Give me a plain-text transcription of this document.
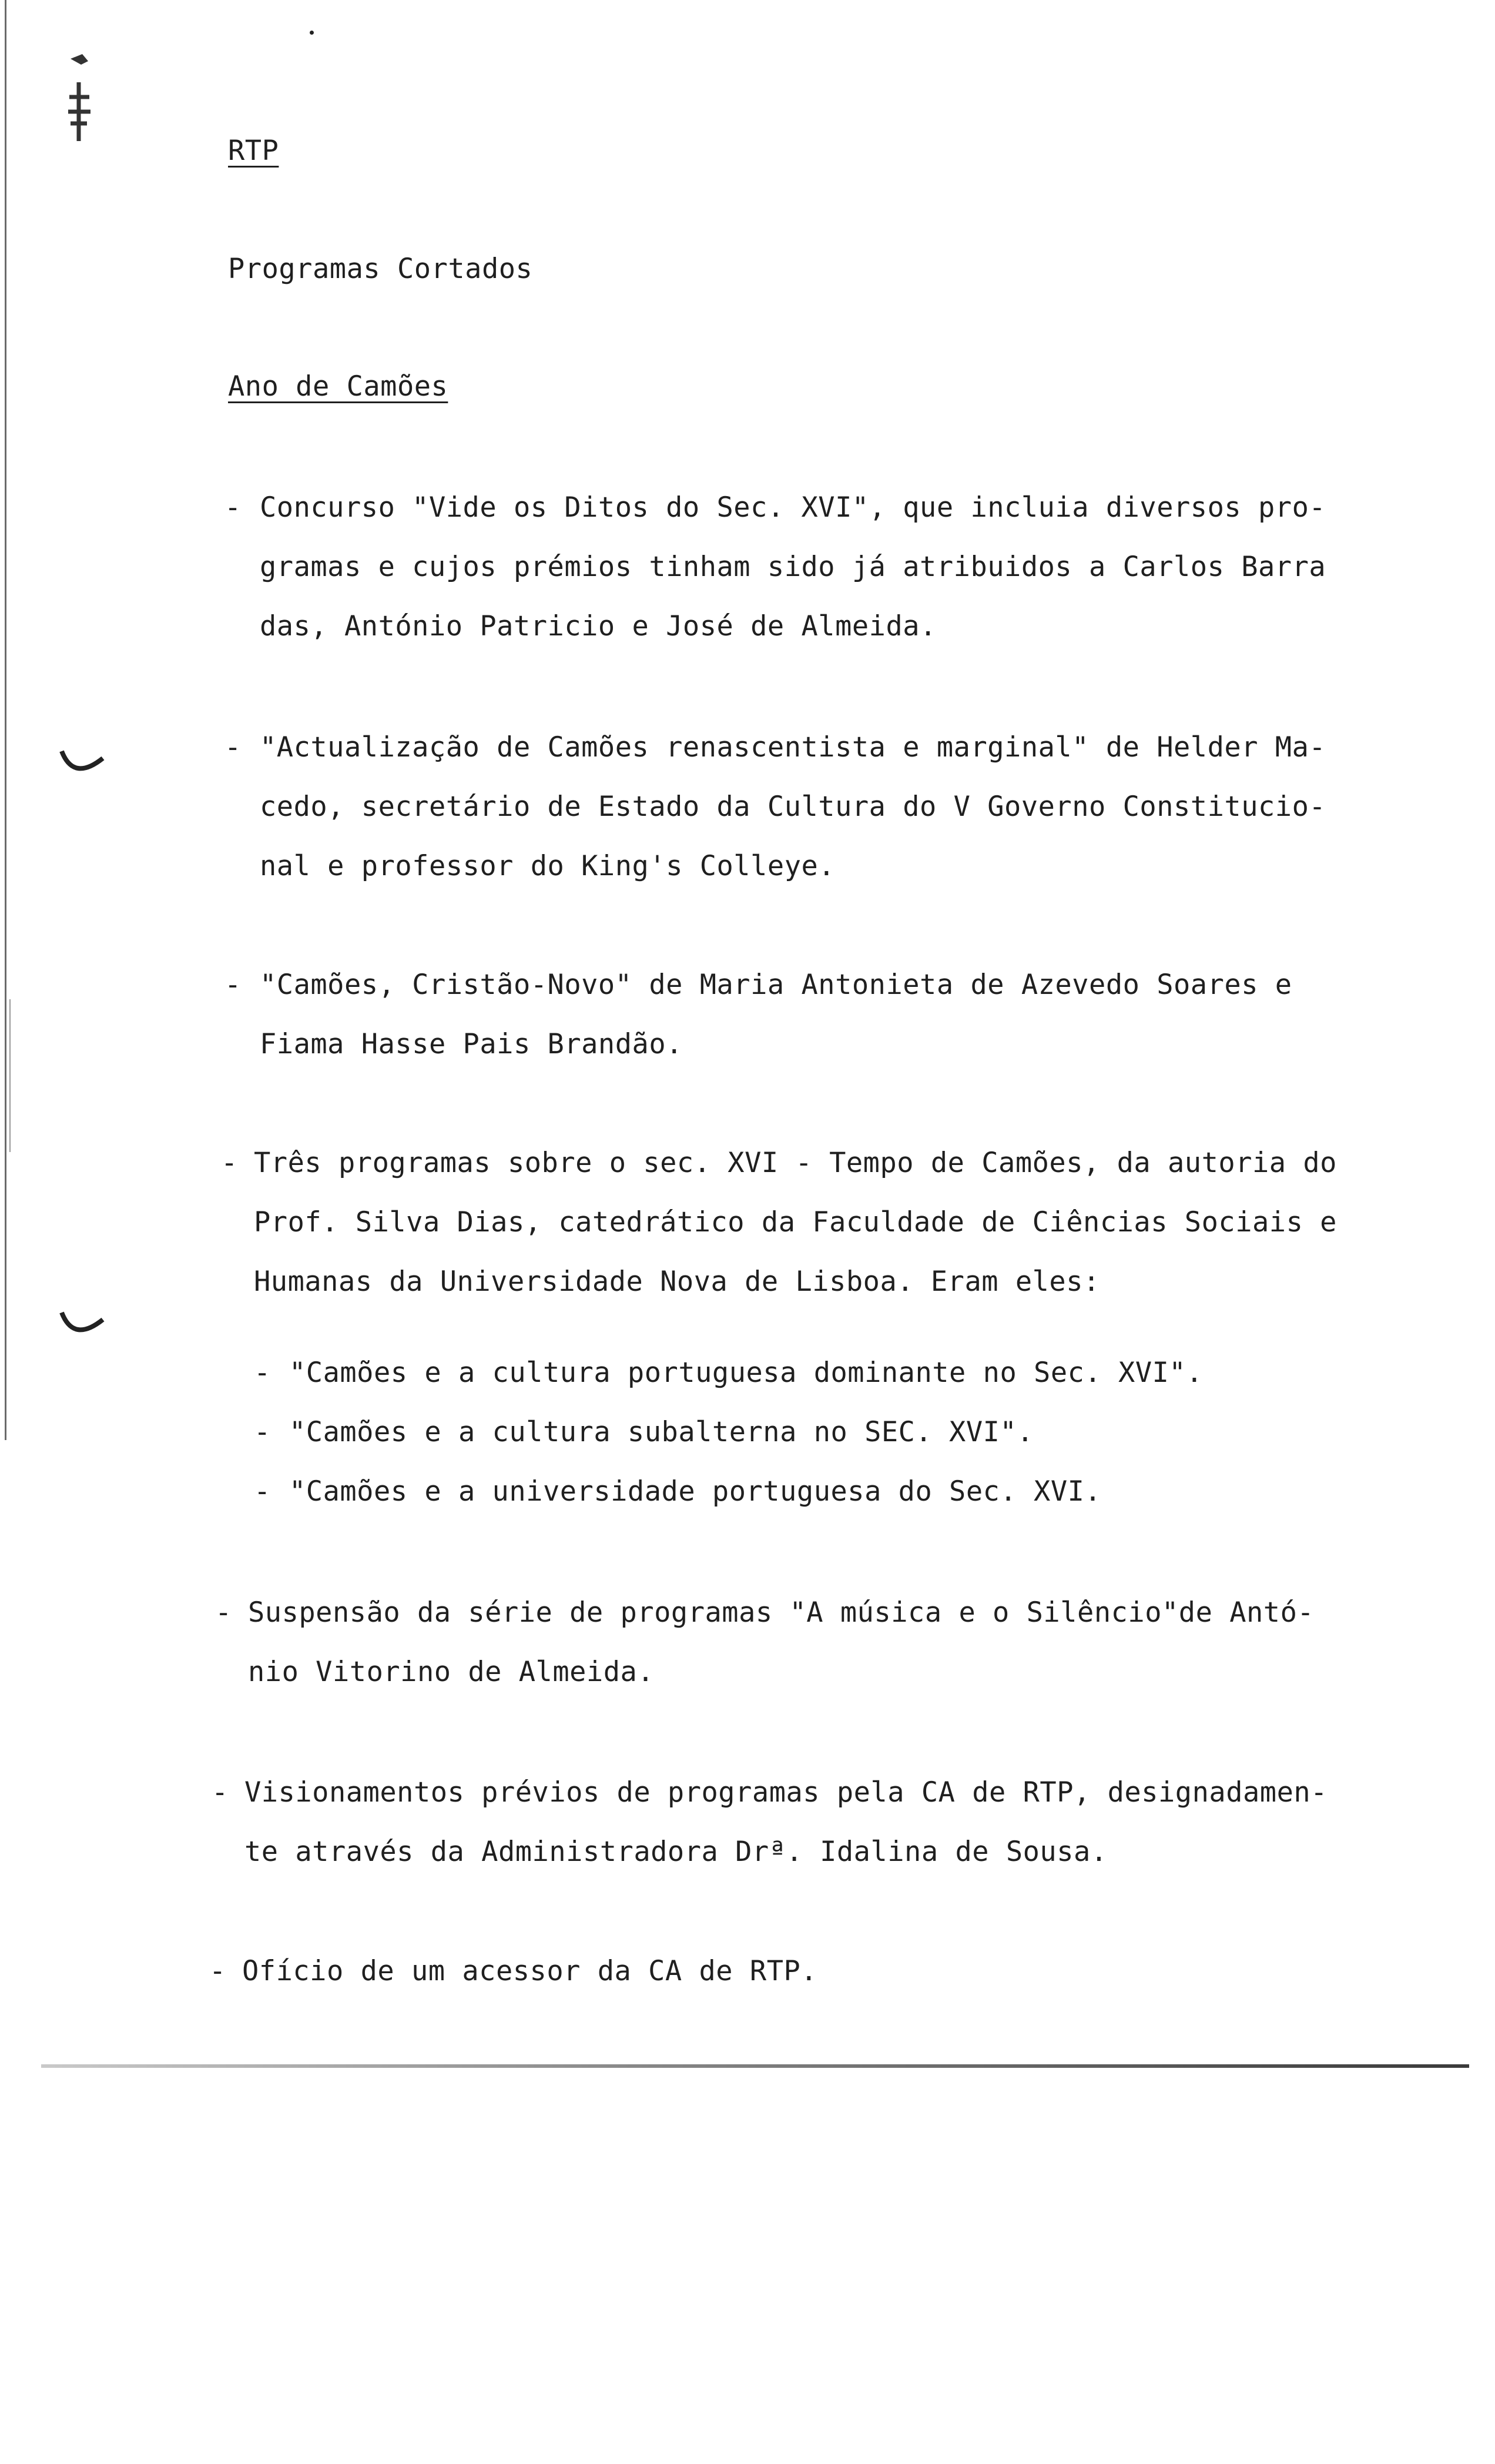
RTP
Programas Cortados
Ano de Camões
- Concurso "Vide os Ditos do Sec. XVI", que incluia diversos pro-
gramas e cujos prémios tinham sido já atribuidos a Carlos Barra
das, António Patricio e José de Almeida.
- "Actualização de Camões renascentista e marginal" de Helder Ma-
cedo, secretário de Estado da Cultura do V Governo Constitucio-
nal e professor do King's Colleye.
- "Camões, Cristão-Novo" de Maria Antonieta de Azevedo Soares e
Fiama Hasse Pais Brandão.
- Três programas sobre o sec. XVI - Tempo de Camões, da autoria do
Prof. Silva Dias, catedrático da Faculdade de Ciências Sociais e
Humanas da Universidade Nova de Lisboa. Eram eles:
- "Camões e a cultura portuguesa dominante no Sec. XVI".
- "Camões e a cultura subalterna no SEC. XVI".
- "Camões e a universidade portuguesa do Sec. XVI.
- Suspensão da série de programas "A música e o Silêncio"de Antó-
nio Vitorino de Almeida.
- Visionamentos prévios de programas pela CA de RTP, designadamen-
te através da Administradora Drª. Idalina de Sousa.
- Ofício de um acessor da CA de RTP.
